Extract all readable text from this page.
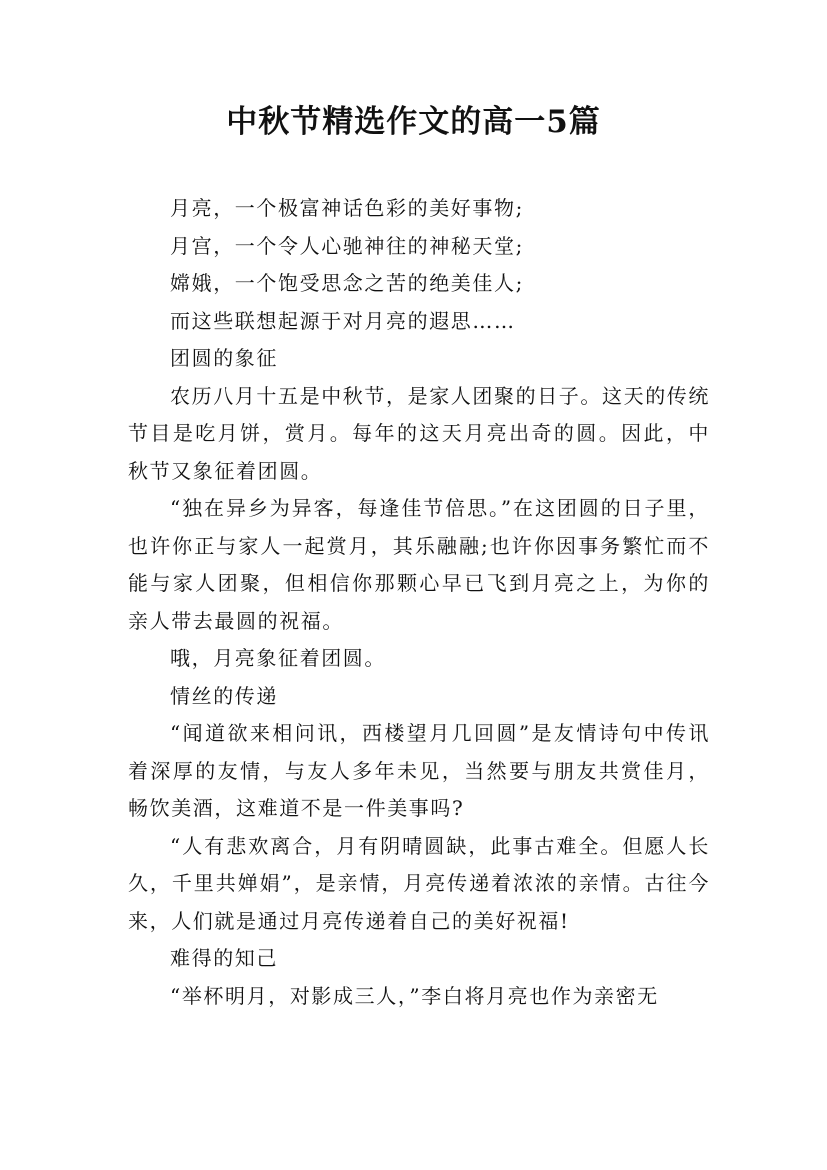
中秋节精选作文的高一5篇

月亮，一个极富神话色彩的美好事物;

月宫，一个令人心驰神往的神秘天堂;

嫦娥，一个饱受思念之苦的绝美佳人;

而这些联想起源于对月亮的遐思……

团圆的象征

农历八月十五是中秋节，是家人团聚的日子。这天的传统节目是吃月饼，赏月。每年的这天月亮出奇的圆。因此，中秋节又象征着团圆。

“独在异乡为异客，每逢佳节倍思。”在这团圆的日子里，也许你正与家人一起赏月，其乐融融;也许你因事务繁忙而不能与家人团聚，但相信你那颗心早已飞到月亮之上，为你的亲人带去最圆的祝福。

哦，月亮象征着团圆。

情丝的传递

“闻道欲来相问讯，西楼望月几回圆”是友情诗句中传讯着深厚的友情，与友人多年未见，当然要与朋友共赏佳月，畅饮美酒，这难道不是一件美事吗?

“人有悲欢离合，月有阴晴圆缺，此事古难全。但愿人长久，千里共婵娟”，是亲情，月亮传递着浓浓的亲情。古往今来，人们就是通过月亮传递着自己的美好祝福!

难得的知己

“举杯明月，对影成三人，”李白将月亮也作为亲密无
